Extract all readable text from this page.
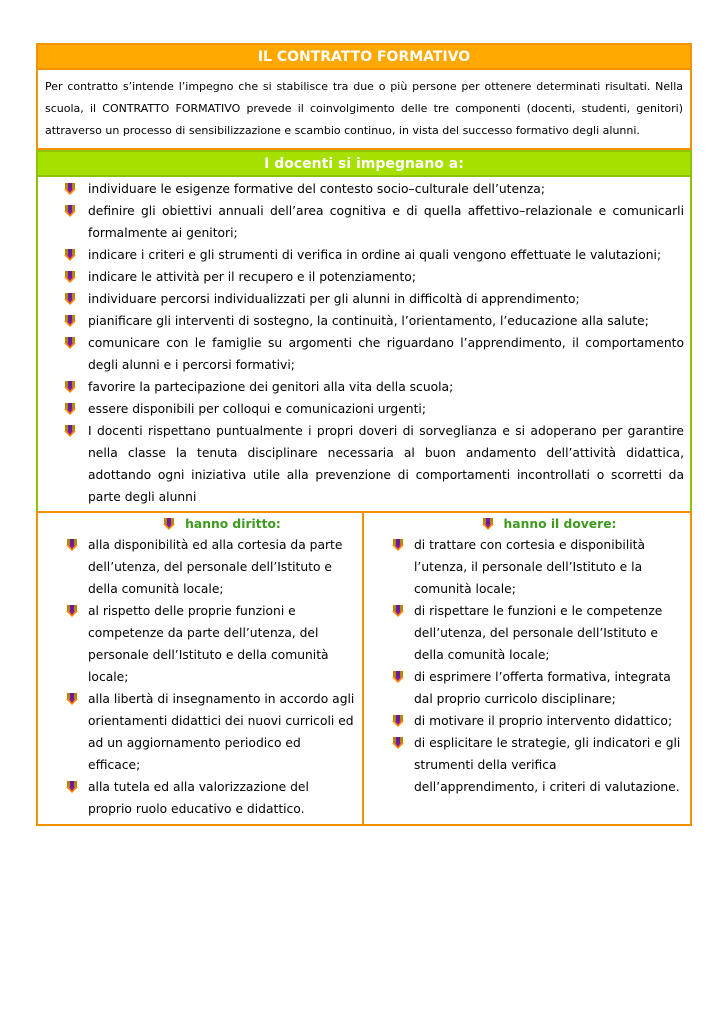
IL CONTRATTO FORMATIVO
Per contratto s’intende l’impegno che si stabilisce tra due o più persone per ottenere determinati risultati. Nella scuola, il CONTRATTO FORMATIVO prevede il coinvolgimento delle tre componenti (docenti, studenti, genitori) attraverso un processo di sensibilizzazione e scambio continuo, in vista del successo formativo degli alunni.
I docenti si impegnano a:
individuare le esigenze formative del contesto socio–culturale dell’utenza;
definire gli obiettivi annuali dell’area cognitiva e di quella affettivo–relazionale e comunicarli formalmente ai genitori;
indicare i criteri e gli strumenti di verifica in ordine ai quali vengono effettuate le valutazioni;
indicare le attività per il recupero e il potenziamento;
individuare percorsi individualizzati per gli alunni in difficoltà di apprendimento;
pianificare gli interventi di sostegno, la continuità, l’orientamento, l’educazione alla salute;
comunicare con le famiglie su argomenti che riguardano l’apprendimento, il comportamento degli alunni e i percorsi formativi;
favorire la partecipazione dei genitori alla vita della scuola;
essere disponibili per colloqui e comunicazioni urgenti;
I docenti rispettano puntualmente i propri doveri di sorveglianza e si adoperano per garantire nella classe la tenuta disciplinare necessaria al buon andamento dell’attività didattica, adottando ogni iniziativa utile alla prevenzione di comportamenti incontrollati o scorretti da parte degli alunni
hanno diritto:
alla disponibilità ed alla cortesia da parte dell’utenza, del personale dell’Istituto e della comunità locale;
al rispetto delle proprie funzioni e competenze da parte dell’utenza, del personale dell’Istituto e della comunità locale;
alla libertà di insegnamento in accordo agli orientamenti didattici dei nuovi curricoli ed ad un aggiornamento periodico ed efficace;
alla tutela ed alla valorizzazione del proprio ruolo educativo e didattico.
hanno il dovere:
di trattare con cortesia e disponibilità l’utenza, il personale dell’Istituto e la comunità locale;
di rispettare le funzioni e le competenze dell’utenza, del personale dell’Istituto e della comunità locale;
di esprimere l’offerta formativa, integrata dal proprio curricolo disciplinare;
di motivare il proprio intervento didattico;
di esplicitare le strategie, gli indicatori e gli strumenti della verifica dell’apprendimento, i criteri di valutazione.
